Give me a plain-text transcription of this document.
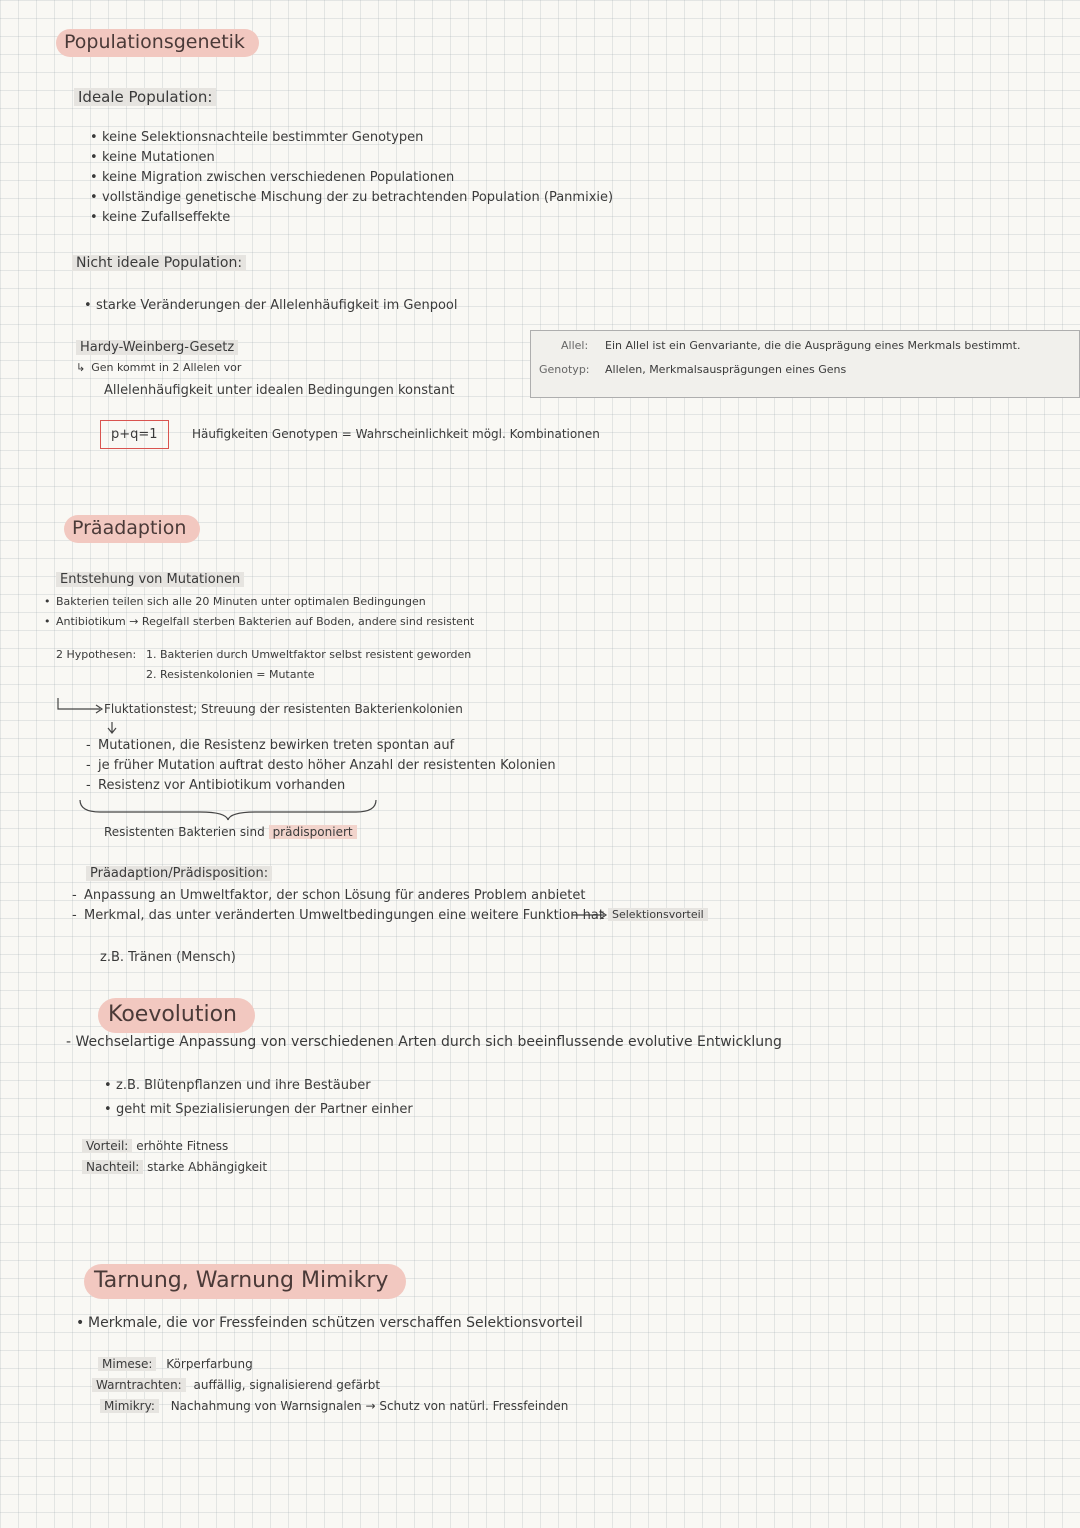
Populationsgenetik
Ideale Population:
• keine Selektionsnachteile bestimmter Genotypen
• keine Mutationen
• keine Migration zwischen verschiedenen Populationen
• vollständige genetische Mischung der zu betrachtenden Population (Panmixie)
• keine Zufallseffekte
Nicht ideale Population:
• starke Veränderungen der Allelenhäufigkeit im Genpool
Hardy-Weinberg-Gesetz
↳ Gen kommt in 2 Allelen vor
Allelenhäufigkeit unter idealen Bedingungen konstant
p+q=1	Häufigkeiten Genotypen = Wahrscheinlichkeit mögl. Kombinationen
Allel: Ein Allel ist ein Genvariante, die die Ausprägung eines Merkmals bestimmt.
Genotyp: Allelen, Merkmalsausprägungen eines Gens
Präadaption
Entstehung von Mutationen
• Bakterien teilen sich alle 20 Minuten unter optimalen Bedingungen
• Antibiotikum → Regelfall sterben Bakterien auf Boden, andere sind resistent
2 Hypothesen: 1. Bakterien durch Umweltfaktor selbst resistent geworden
2. Resistenkolonien = Mutante
Fluktationstest; Streuung der resistenten Bakterienkolonien
- Mutationen, die Resistenz bewirken treten spontan auf
- je früher Mutation auftrat desto höher Anzahl der resistenten Kolonien
- Resistenz vor Antibiotikum vorhanden
Resistenten Bakterien sind prädisponiert
Präadaption/Prädisposition:
- Anpassung an Umweltfaktor, der schon Lösung für anderes Problem anbietet
- Merkmal, das unter veränderten Umweltbedingungen eine weitere Funktion hat Selektionsvorteil
z.B. Tränen (Mensch)
Koevolution
- Wechselartige Anpassung von verschiedenen Arten durch sich beeinflussende evolutive Entwicklung
• z.B. Blütenpflanzen und ihre Bestäuber
• geht mit Spezialisierungen der Partner einher
Vorteil: erhöhte Fitness
Nachteil: starke Abhängigkeit
Tarnung, Warnung Mimikry
• Merkmale, die vor Fressfeinden schützen verschaffen Selektionsvorteil
Mimese: Körperfarbung
Warntrachten: auffällig, signalisierend gefärbt
Mimikry: Nachahmung von Warnsignalen → Schutz von natürl. Fressfeinden
